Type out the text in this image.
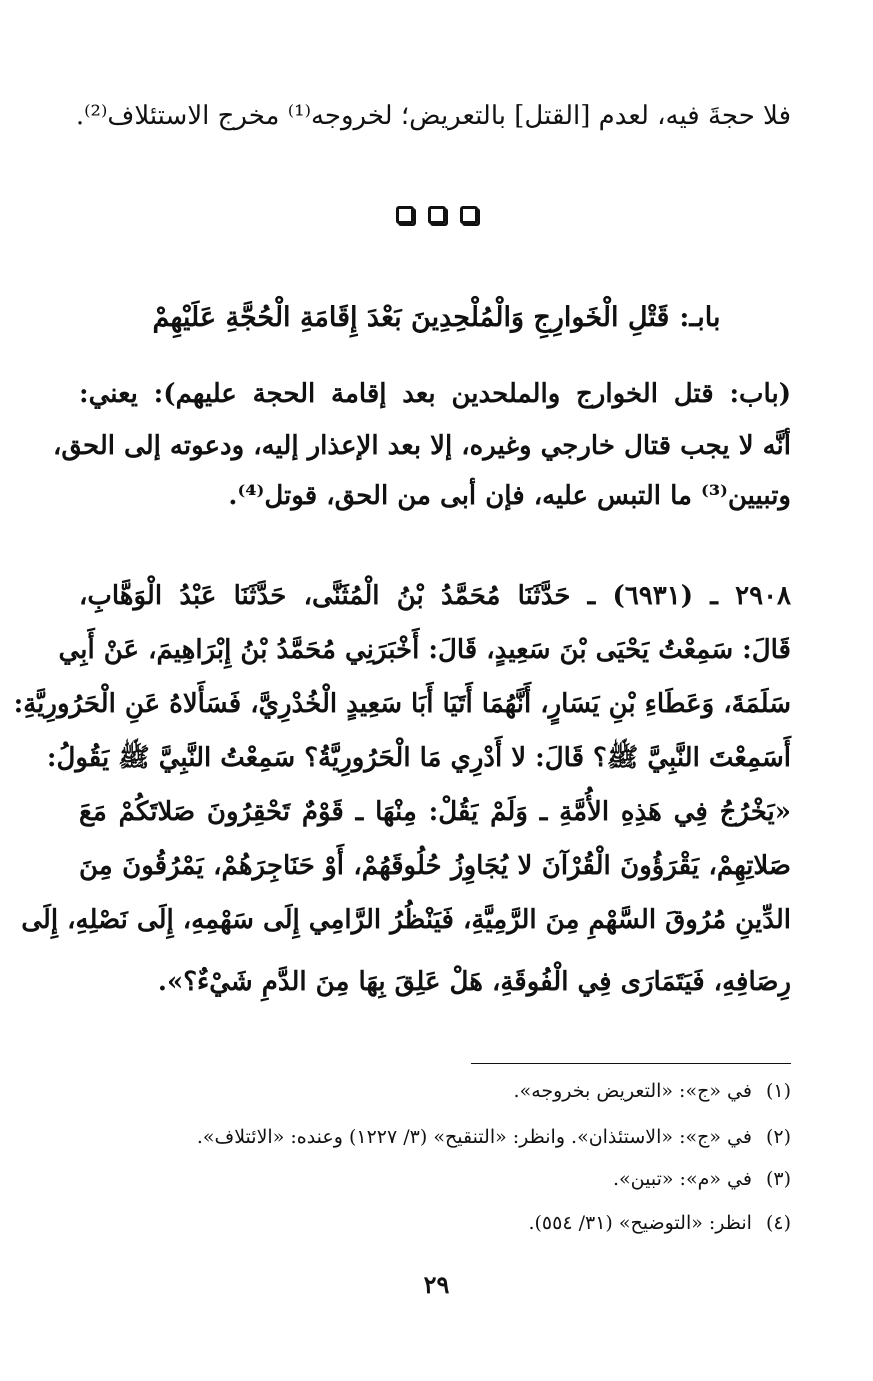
فلا حجةَ فيه، لعدم [القتل] بالتعريض؛ لخروجه⁽¹⁾ مخرج الاستئلاف⁽²⁾.
بابـ:قَتْلِ الْخَوارِجِ وَالْمُلْحِدِينَ بَعْدَ إِقَامَةِ الْحُجَّةِ عَلَيْهِمْ
(باب: قتل الخوارج والملحدين بعد إقامة الحجة عليهم): يعني:
أنَّه لا يجب قتال خارجي وغيره، إلا بعد الإعذار إليه، ودعوته إلى الحق،
وتبيين⁽³⁾ ما التبس عليه، فإن أبى من الحق، قوتل⁽⁴⁾.
٢٩٠٨ ـ (٦٩٣١) ـ حَدَّثَنَا مُحَمَّدُ بْنُ الْمُثَنَّى، حَدَّثَنَا عَبْدُ الْوَهَّابِ،
قَالَ: سَمِعْتُ يَحْيَى بْنَ سَعِيدٍ، قَالَ: أَخْبَرَنِي مُحَمَّدُ بْنُ إِبْرَاهِيمَ، عَنْ أَبِي
سَلَمَةَ، وَعَطَاءِ بْنِ يَسَارٍ، أَنَّهُمَا أَتَيَا أَبَا سَعِيدٍ الْخُدْرِيَّ، فَسَأَلاهُ عَنِ الْحَرُورِيَّةِ:
أَسَمِعْتَ النَّبِيَّ ﷺ؟ قَالَ: لا أَدْرِي مَا الْحَرُورِيَّةُ؟ سَمِعْتُ النَّبِيَّ ﷺ يَقُولُ:
«يَخْرُجُ فِي هَذِهِ الأُمَّةِ ـ وَلَمْ يَقُلْ: مِنْهَا ـ قَوْمٌ تَحْقِرُونَ صَلاتَكُمْ مَعَ
صَلاتِهِمْ، يَقْرَؤُونَ الْقُرْآنَ لا يُجَاوِزُ حُلُوقَهُمْ، أَوْ حَنَاجِرَهُمْ، يَمْرُقُونَ مِنَ
الدِّينِ مُرُوقَ السَّهْمِ مِنَ الرَّمِيَّةِ، فَيَنْظُرُ الرَّامِي إِلَى سَهْمِهِ، إِلَى نَصْلِهِ، إِلَى
رِصَافِهِ، فَيَتَمَارَى فِي الْفُوقَةِ، هَلْ عَلِقَ بِهَا مِنَ الدَّمِ شَيْءٌ؟».
(١)في «ج»: «التعريض بخروجه».
(٢)في «ج»: «الاستئذان». وانظر: «التنقيح» (٣/ ١٢٢٧) وعنده: «الائتلاف».
(٣)في «م»: «تبين».
(٤)انظر: «التوضيح» (٣١/ ٥٥٤).
٢٩
